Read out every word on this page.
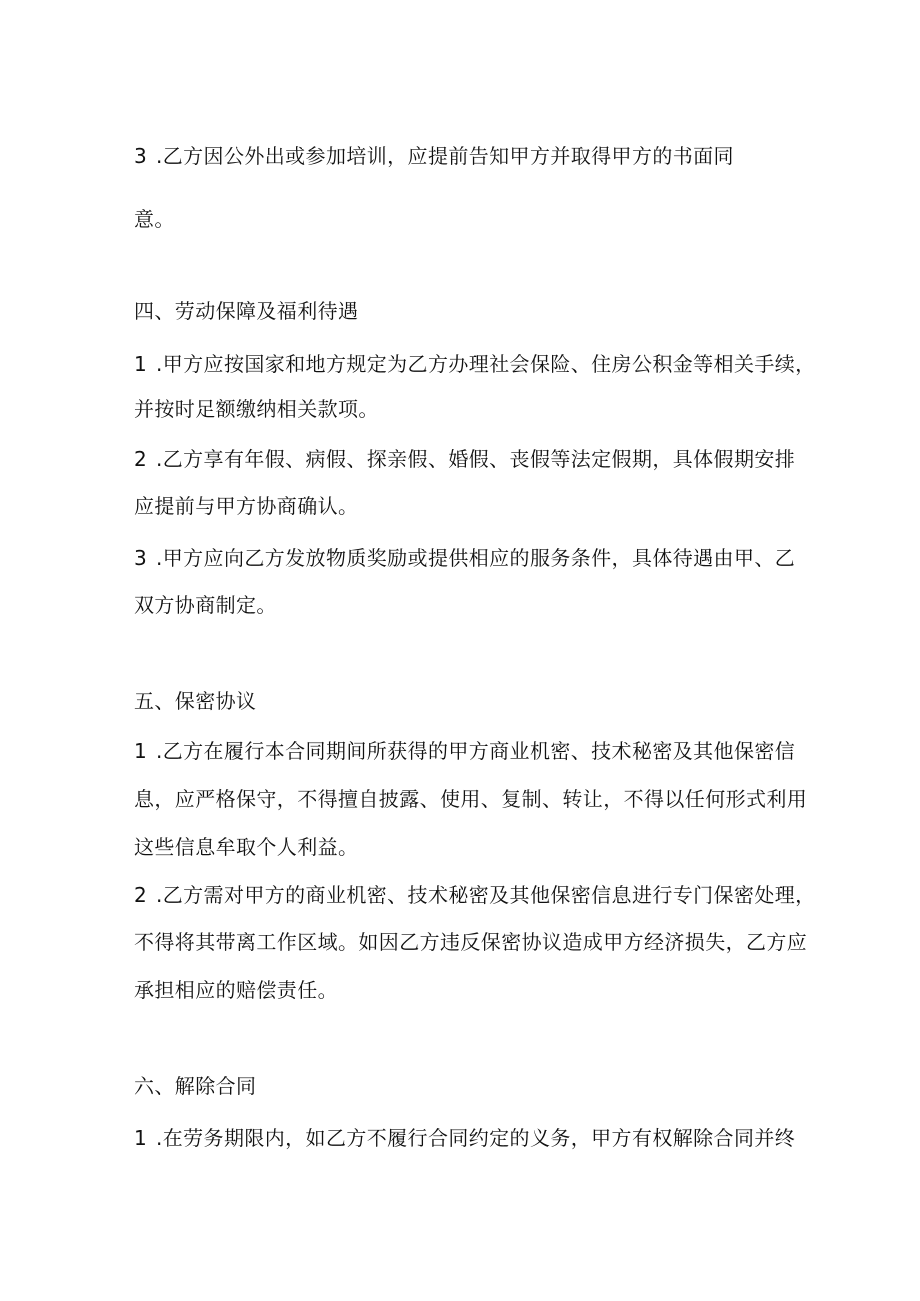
3 .乙方因公外出或参加培训，应提前告知甲方并取得甲方的书面同
意。
四、劳动保障及福利待遇
1 .甲方应按国家和地方规定为乙方办理社会保险、住房公积金等相关手续，
并按时足额缴纳相关款项。
2 .乙方享有年假、病假、探亲假、婚假、丧假等法定假期，具体假期安排
应提前与甲方协商确认。
3 .甲方应向乙方发放物质奖励或提供相应的服务条件，具体待遇由甲、乙
双方协商制定。
五、保密协议
1 .乙方在履行本合同期间所获得的甲方商业机密、技术秘密及其他保密信
息，应严格保守，不得擅自披露、使用、复制、转让，不得以任何形式利用
这些信息牟取个人利益。
2 .乙方需对甲方的商业机密、技术秘密及其他保密信息进行专门保密处理，
不得将其带离工作区域。如因乙方违反保密协议造成甲方经济损失，乙方应
承担相应的赔偿责任。
六、解除合同
1 .在劳务期限内，如乙方不履行合同约定的义务，甲方有权解除合同并终
